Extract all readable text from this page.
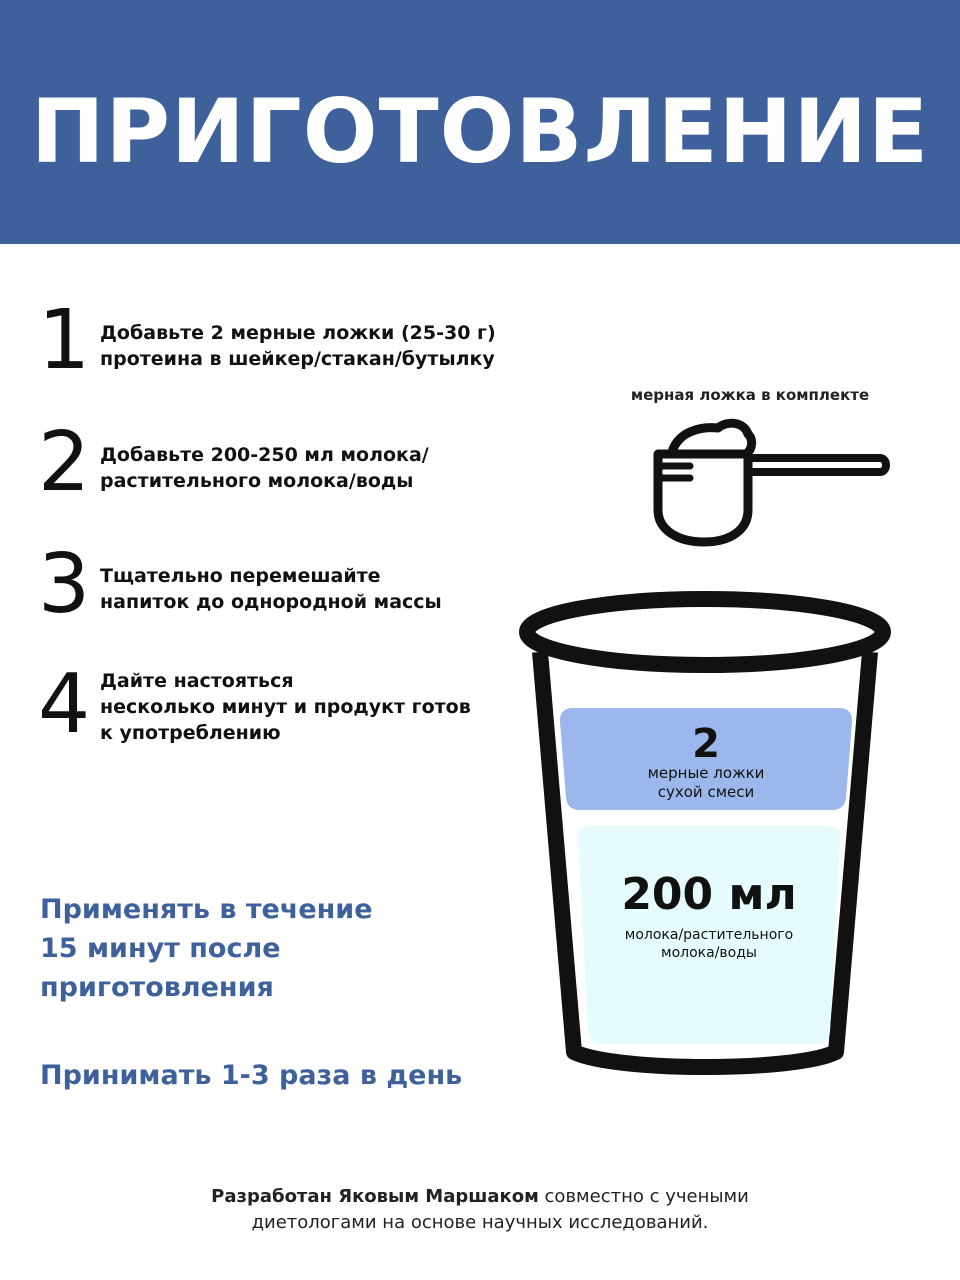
ПРИГОТОВЛЕНИЕ
1 Добавьте 2 мерные ложки (25-30 г)
протеина в шейкер/стакан/бутылку
2 Добавьте 200-250 мл молока/
растительного молока/воды
3 Тщательно перемешайте
напиток до однородной массы
4 Дайте настояться
несколько минут и продукт готов
к употреблению
мерная ложка в комплекте
2
мерные ложки
сухой смеси
200 мл
молока/растительного
молока/воды
Применять в течение
15 минут после
приготовления
Принимать 1-3 раза в день
Разработан Яковым Маршаком совместно с учеными
диетологами на основе научных исследований.
